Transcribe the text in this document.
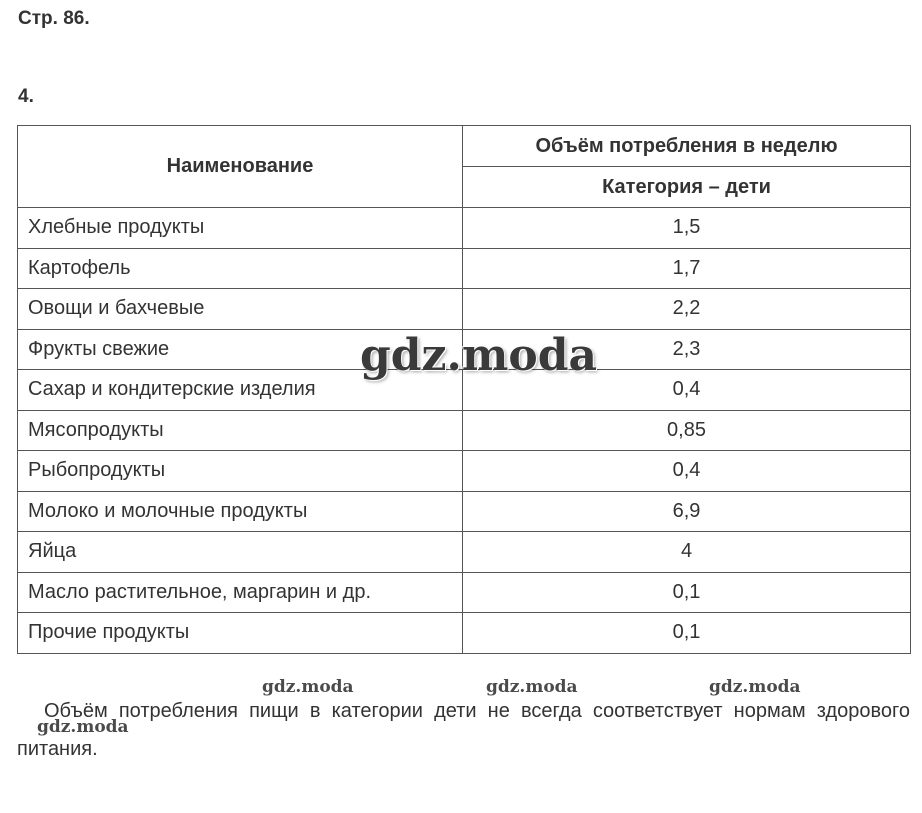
Стр. 86.
4.
Наименование	Объём потребления в неделю
	Категория – дети
Хлебные продукты	1,5
Картофель	1,7
Овощи и бахчевые	2,2
Фрукты свежие	2,3
Сахар и кондитерские изделия	0,4
Мясопродукты	0,85
Рыбопродукты	0,4
Молоко и молочные продукты	6,9
Яйца	4
Масло растительное, маргарин и др.	0,1
Прочие продукты	0,1
Объём потребления пищи в категории дети не всегда соответствует нормам здорового питания.
gdz.moda
gdz.moda	gdz.moda	gdz.moda
gdz.moda
